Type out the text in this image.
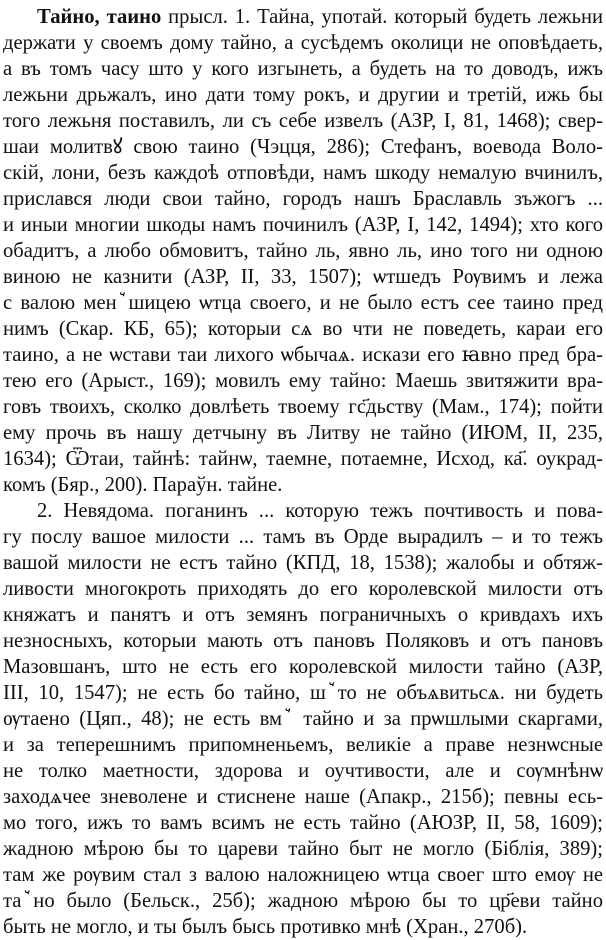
Тайно, таино прысл. 1. Тайна, употай. который будеть лежьни
держати у своемъ дому тайно, а сусѣдемъ околици не оповѣдаеть,
а въ томъ часу што у кого изгынеть, а будеть на то доводъ, ижъ
лежьни дрьжалъ, ино дати тому рокъ, и другии и третій, ижь бы
того лежьня поставилъ, ли съ себе извелъ (АЗР, I, 81, 1468); свер-
шаи молитвꙋ свою таино (Чэцця, 286); Стефанъ, воевода Воло-
скій, лони, безъ каждоѣ отповѣди, намъ шкоду немалую вчинилъ,
прислався люди свои тайно, городъ нашъ Браславль зъжогъ ...
и иныи многии шкоды намъ починилъ (АЗР, I, 142, 1494); хто кого
обадитъ, а любо обмовитъ, тайно ль, явно ль, ино того ни одною
виною не казнити (АЗР, II, 33, 1507); ѡтшедъ Рѹвимъ и лежа
с валою менꙿшицею ѡтца своего, и не было естъ сее таино пред
нимъ (Скар. КБ, 65); которыи сѧ во чти не поведеть, караи его
таино, а не ѡстави таи лихого ѡбычаѧ. искази его ꙗвно пред бра-
тею его (Арыст., 169); мовилъ ему тайно: Маешь звитяжити вра-
говъ твоихъ, сколко довлѣеть твоему гс҃дьству (Мам., 174); пойти
ему прочь въ нашу детчыну въ Литву не тайно (ИЮМ, II, 235,
1634); Ѿтаи, тайнѣ: тайнѡ, таемне, потаемне, Исход, ка҃. оукрад-
комъ (Бяр., 200). Параўн. тайне.
2. Невядома. поганинъ ... которую тежъ почтивость и пова-
гу послу вашое милости ... тамъ въ Орде вырадилъ – и то тежъ
вашой милости не естъ тайно (КПД, 18, 1538); жалобы и обтяж-
ливости многокроть приходять до его королевской милости отъ
княжатъ и панятъ и отъ земянъ пограничныхъ о кривдахъ ихъ
незносныхъ, которыи мають отъ пановъ Поляковъ и отъ пановъ
Мазовшанъ, што не есть его королевской милости тайно (АЗР,
III, 10, 1547); не есть бо тайно, шꙿто не объѧвитьсѧ. ни будеть
ѹтаено (Цяп., 48); не есть вмꙿ тайно и за прѡшлыми скаргами,
и за теперешнимъ припомненьемъ, великіе а праве незнѡсные
не толко маетности, здорова и оучтивости, але и сѹмнѣнѡ
заходѧчее зневолене и стисненe наше (Апакр., 215б); певны есь-
мо того, ижъ то вамъ всимъ не есть тайно (АЮЗР, II, 58, 1609);
жадною мѣрою бы то цареви тайно быт не могло (Біблія, 389);
там же рѹвим стал з валою наложницею ѡтца своег што емѹ не
таꙿно было (Бельск., 25б); жадною мѣрою бы то цр҃еви тайно
быть не могло, и ты былъ бысь противко мнѣ (Хран., 270б).
